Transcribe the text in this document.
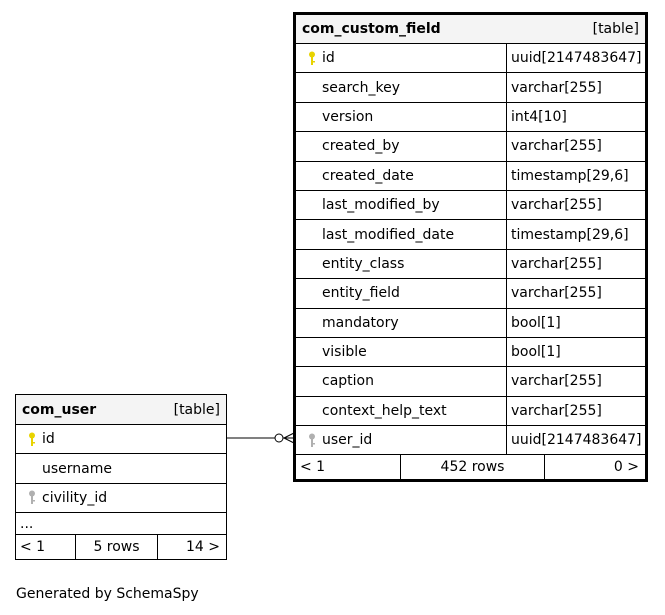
com_custom_field	[table]
id	uuid[2147483647]
search_key	varchar[255]
version	int4[10]
created_by	varchar[255]
created_date	timestamp[29,6]
last_modified_by	varchar[255]
last_modified_date	timestamp[29,6]
entity_class	varchar[255]
entity_field	varchar[255]
mandatory	bool[1]
visible	bool[1]
caption	varchar[255]
context_help_text	varchar[255]
user_id	uuid[2147483647]
< 1	452 rows	0 >
com_user	[table]
id
username
civility_id
...
< 1	5 rows	14 >
Generated by SchemaSpy
